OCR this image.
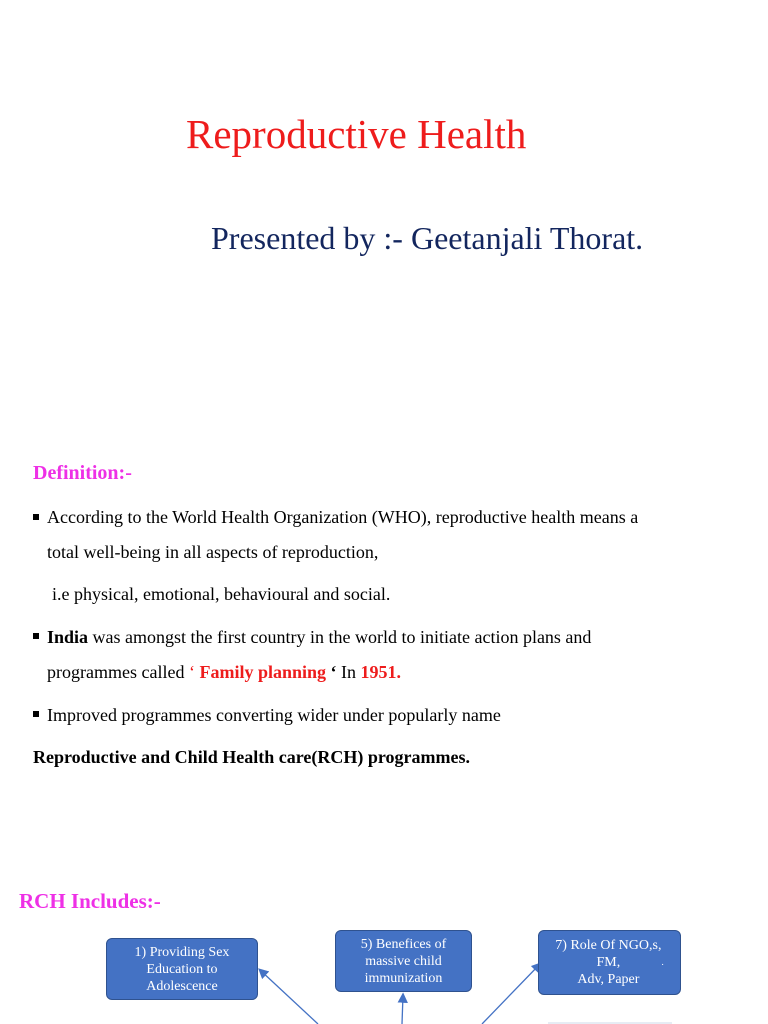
Reproductive Health
Presented by :- Geetanjali Thorat.
Definition:-
According to the World Health Organization (WHO), reproductive health means a
total well-being in all aspects of reproduction,
i.e physical, emotional, behavioural and social.
India was amongst the first country in the world to initiate action plans and
programmes called ‘ Family planning ‘ In 1951.
Improved programmes converting wider under popularly name
Reproductive and Child Health care(RCH) programmes.
RCH Includes:-
1) Providing Sex
Education to
Adolescence
5) Benefices of
massive child
immunization
7) Role Of NGO,s,
FM,
Adv, Paper
.
